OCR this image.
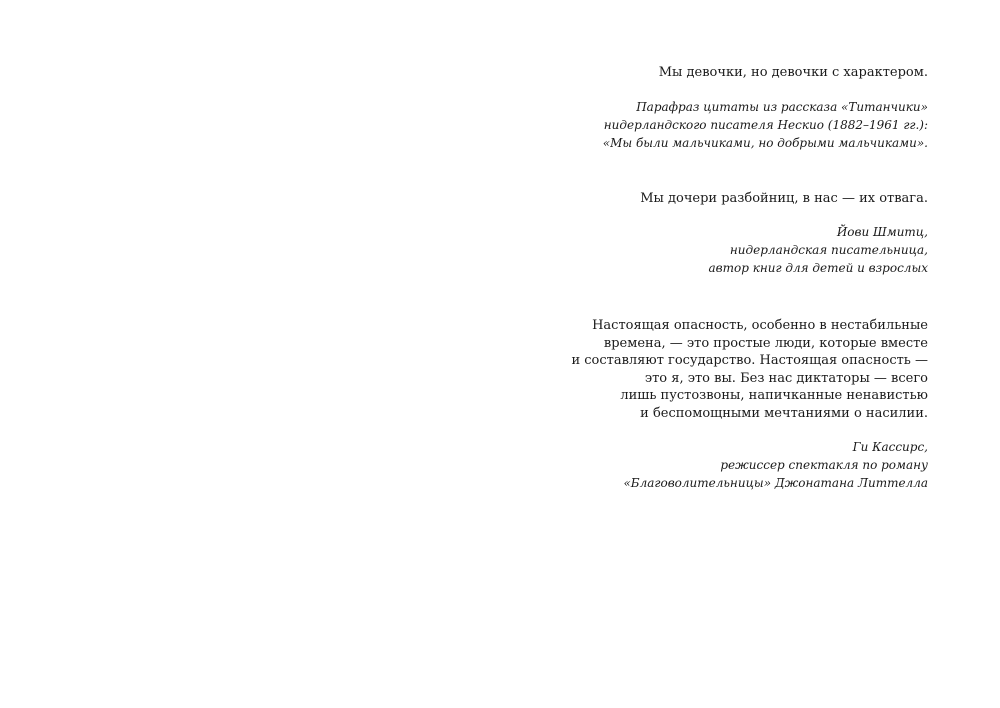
Мы девочки, но девочки с характером.
Парафраз цитаты из рассказа «Титанчики»
нидерландского писателя Нескио (1882–1961 гг.):
«Мы были мальчиками, но добрыми мальчиками».
Мы дочери разбойниц, в нас — их отвага.
Йови Шмитц,
нидерландская писательница,
автор книг для детей и взрослых
Настоящая опасность, особенно в нестабильные
времена, — это простые люди, которые вместе
и составляют государство. Настоящая опасность —
это я, это вы. Без нас диктаторы — всего
лишь пустозвоны, напичканные ненавистью
и беспомощными мечтаниями о насилии.
Ги Кассирс,
режиссер спектакля по роману
«Благоволительницы» Джонатана Литтелла
